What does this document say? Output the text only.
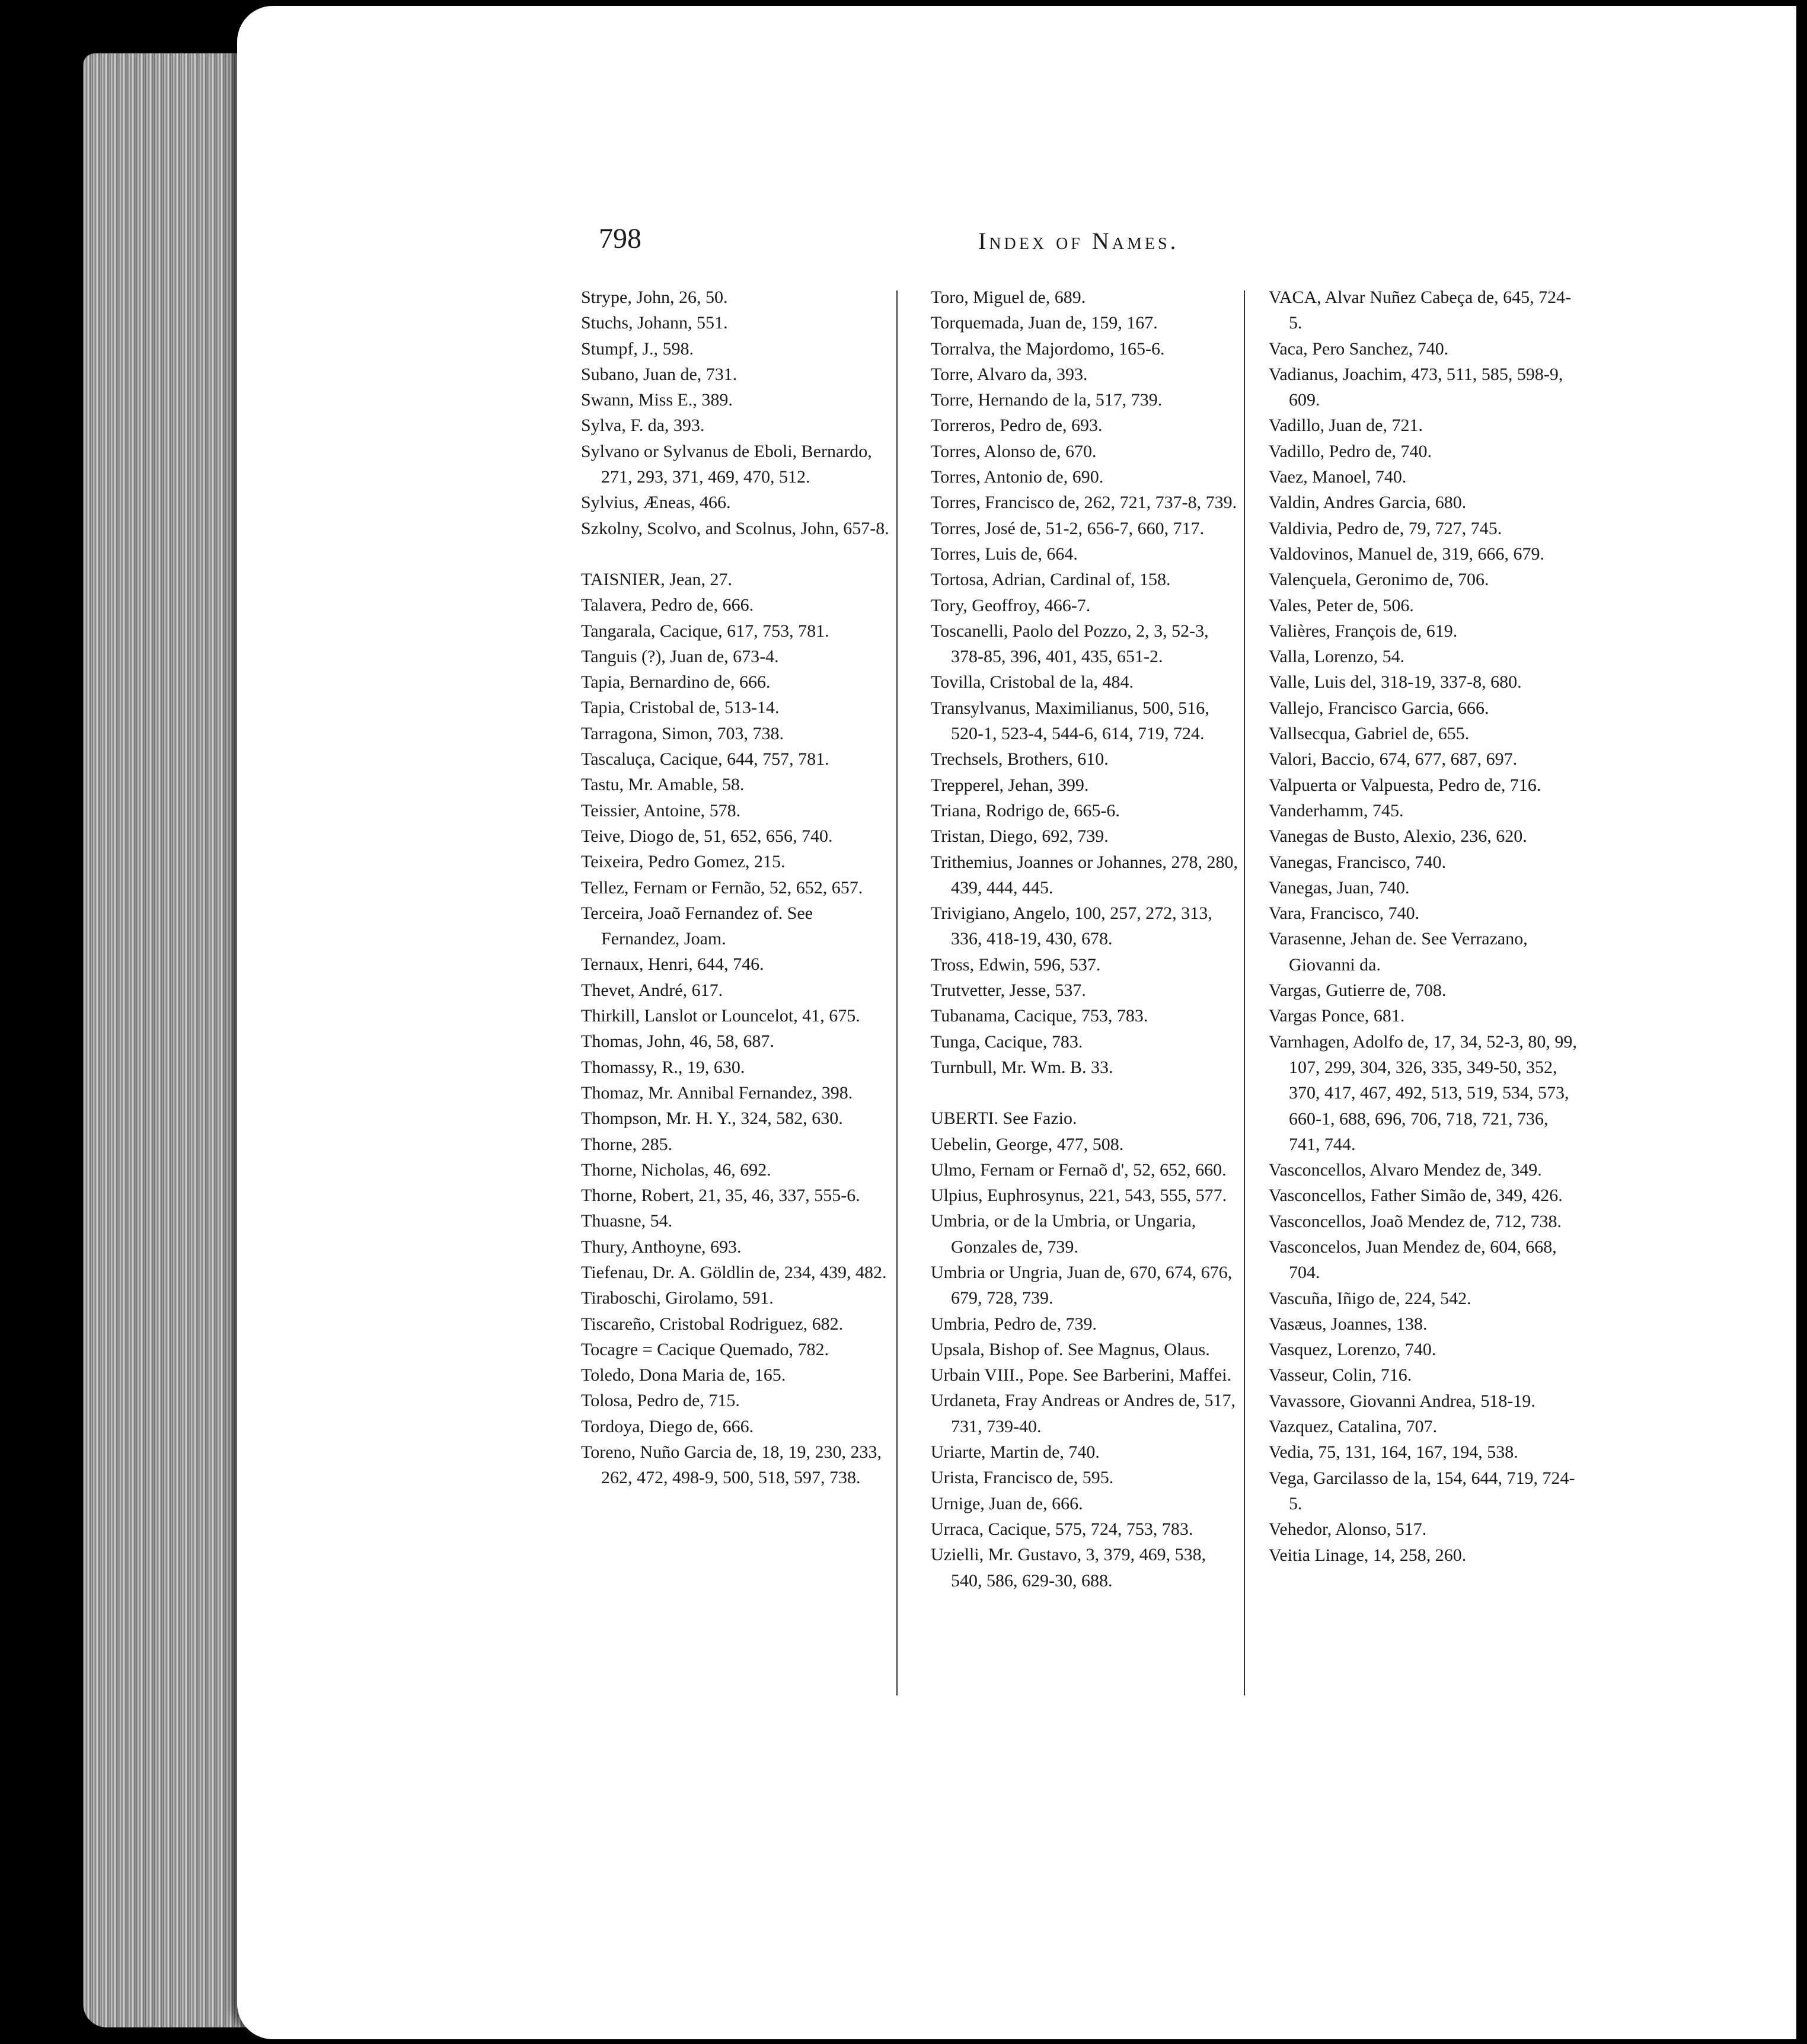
798	Index of Names.
Strype, John, 26, 50.
Stuchs, Johann, 551.
Stumpf, J., 598.
Subano, Juan de, 731.
Swann, Miss E., 389.
Sylva, F. da, 393.
Sylvano or Sylvanus de Eboli, Bernardo, 271, 293, 371, 469, 470, 512.
Sylvius, Æneas, 466.
Szkolny, Scolvo, and Scolnus, John, 657-8.
TAISNIER, Jean, 27.
Talavera, Pedro de, 666.
Tangarala, Cacique, 617, 753, 781.
Tanguis (?), Juan de, 673-4.
Tapia, Bernardino de, 666.
Tapia, Cristobal de, 513-14.
Tarragona, Simon, 703, 738.
Tascaluça, Cacique, 644, 757, 781.
Tastu, Mr. Amable, 58.
Teissier, Antoine, 578.
Teive, Diogo de, 51, 652, 656, 740.
Teixeira, Pedro Gomez, 215.
Tellez, Fernam or Fernão, 52, 652, 657.
Terceira, Joaõ Fernandez of. See Fernandez, Joam.
Ternaux, Henri, 644, 746.
Thevet, André, 617.
Thirkill, Lanslot or Louncelot, 41, 675.
Thomas, John, 46, 58, 687.
Thomassy, R., 19, 630.
Thomaz, Mr. Annibal Fernandez, 398.
Thompson, Mr. H. Y., 324, 582, 630.
Thorne, 285.
Thorne, Nicholas, 46, 692.
Thorne, Robert, 21, 35, 46, 337, 555-6.
Thuasne, 54.
Thury, Anthoyne, 693.
Tiefenau, Dr. A. Göldlin de, 234, 439, 482.
Tiraboschi, Girolamo, 591.
Tiscareño, Cristobal Rodriguez, 682.
Tocagre = Cacique Quemado, 782.
Toledo, Dona Maria de, 165.
Tolosa, Pedro de, 715.
Tordoya, Diego de, 666.
Toreno, Nuño Garcia de, 18, 19, 230, 233, 262, 472, 498-9, 500, 518, 597, 738.
Toro, Miguel de, 689.
Torquemada, Juan de, 159, 167.
Torralva, the Majordomo, 165-6.
Torre, Alvaro da, 393.
Torre, Hernando de la, 517, 739.
Torreros, Pedro de, 693.
Torres, Alonso de, 670.
Torres, Antonio de, 690.
Torres, Francisco de, 262, 721, 737-8, 739.
Torres, José de, 51-2, 656-7, 660, 717.
Torres, Luis de, 664.
Tortosa, Adrian, Cardinal of, 158.
Tory, Geoffroy, 466-7.
Toscanelli, Paolo del Pozzo, 2, 3, 52-3, 378-85, 396, 401, 435, 651-2.
Tovilla, Cristobal de la, 484.
Transylvanus, Maximilianus, 500, 516, 520-1, 523-4, 544-6, 614, 719, 724.
Trechsels, Brothers, 610.
Trepperel, Jehan, 399.
Triana, Rodrigo de, 665-6.
Tristan, Diego, 692, 739.
Trithemius, Joannes or Johannes, 278, 280, 439, 444, 445.
Trivigiano, Angelo, 100, 257, 272, 313, 336, 418-19, 430, 678.
Tross, Edwin, 596, 537.
Trutvetter, Jesse, 537.
Tubanama, Cacique, 753, 783.
Tunga, Cacique, 783.
Turnbull, Mr. Wm. B. 33.
UBERTI. See Fazio.
Uebelin, George, 477, 508.
Ulmo, Fernam or Fernaõ d', 52, 652, 660.
Ulpius, Euphrosynus, 221, 543, 555, 577.
Umbria, or de la Umbria, or Ungaria, Gonzales de, 739.
Umbria or Ungria, Juan de, 670, 674, 676, 679, 728, 739.
Umbria, Pedro de, 739.
Upsala, Bishop of. See Magnus, Olaus.
Urbain VIII., Pope. See Barberini, Maffei.
Urdaneta, Fray Andreas or Andres de, 517, 731, 739-40.
Uriarte, Martin de, 740.
Urista, Francisco de, 595.
Urnige, Juan de, 666.
Urraca, Cacique, 575, 724, 753, 783.
Uzielli, Mr. Gustavo, 3, 379, 469, 538, 540, 586, 629-30, 688.
VACA, Alvar Nuñez Cabeça de, 645, 724-5.
Vaca, Pero Sanchez, 740.
Vadianus, Joachim, 473, 511, 585, 598-9, 609.
Vadillo, Juan de, 721.
Vadillo, Pedro de, 740.
Vaez, Manoel, 740.
Valdin, Andres Garcia, 680.
Valdivia, Pedro de, 79, 727, 745.
Valdovinos, Manuel de, 319, 666, 679.
Valençuela, Geronimo de, 706.
Vales, Peter de, 506.
Valières, François de, 619.
Valla, Lorenzo, 54.
Valle, Luis del, 318-19, 337-8, 680.
Vallejo, Francisco Garcia, 666.
Vallsecqua, Gabriel de, 655.
Valori, Baccio, 674, 677, 687, 697.
Valpuerta or Valpuesta, Pedro de, 716.
Vanderhamm, 745.
Vanegas de Busto, Alexio, 236, 620.
Vanegas, Francisco, 740.
Vanegas, Juan, 740.
Vara, Francisco, 740.
Varasenne, Jehan de. See Verrazano, Giovanni da.
Vargas, Gutierre de, 708.
Vargas Ponce, 681.
Varnhagen, Adolfo de, 17, 34, 52-3, 80, 99, 107, 299, 304, 326, 335, 349-50, 352, 370, 417, 467, 492, 513, 519, 534, 573, 660-1, 688, 696, 706, 718, 721, 736, 741, 744.
Vasconcellos, Alvaro Mendez de, 349.
Vasconcellos, Father Simão de, 349, 426.
Vasconcellos, Joaõ Mendez de, 712, 738.
Vasconcelos, Juan Mendez de, 604, 668, 704.
Vascuña, Iñigo de, 224, 542.
Vasæus, Joannes, 138.
Vasquez, Lorenzo, 740.
Vasseur, Colin, 716.
Vavassore, Giovanni Andrea, 518-19.
Vazquez, Catalina, 707.
Vedia, 75, 131, 164, 167, 194, 538.
Vega, Garcilasso de la, 154, 644, 719, 724-5.
Vehedor, Alonso, 517.
Veitia Linage, 14, 258, 260.
